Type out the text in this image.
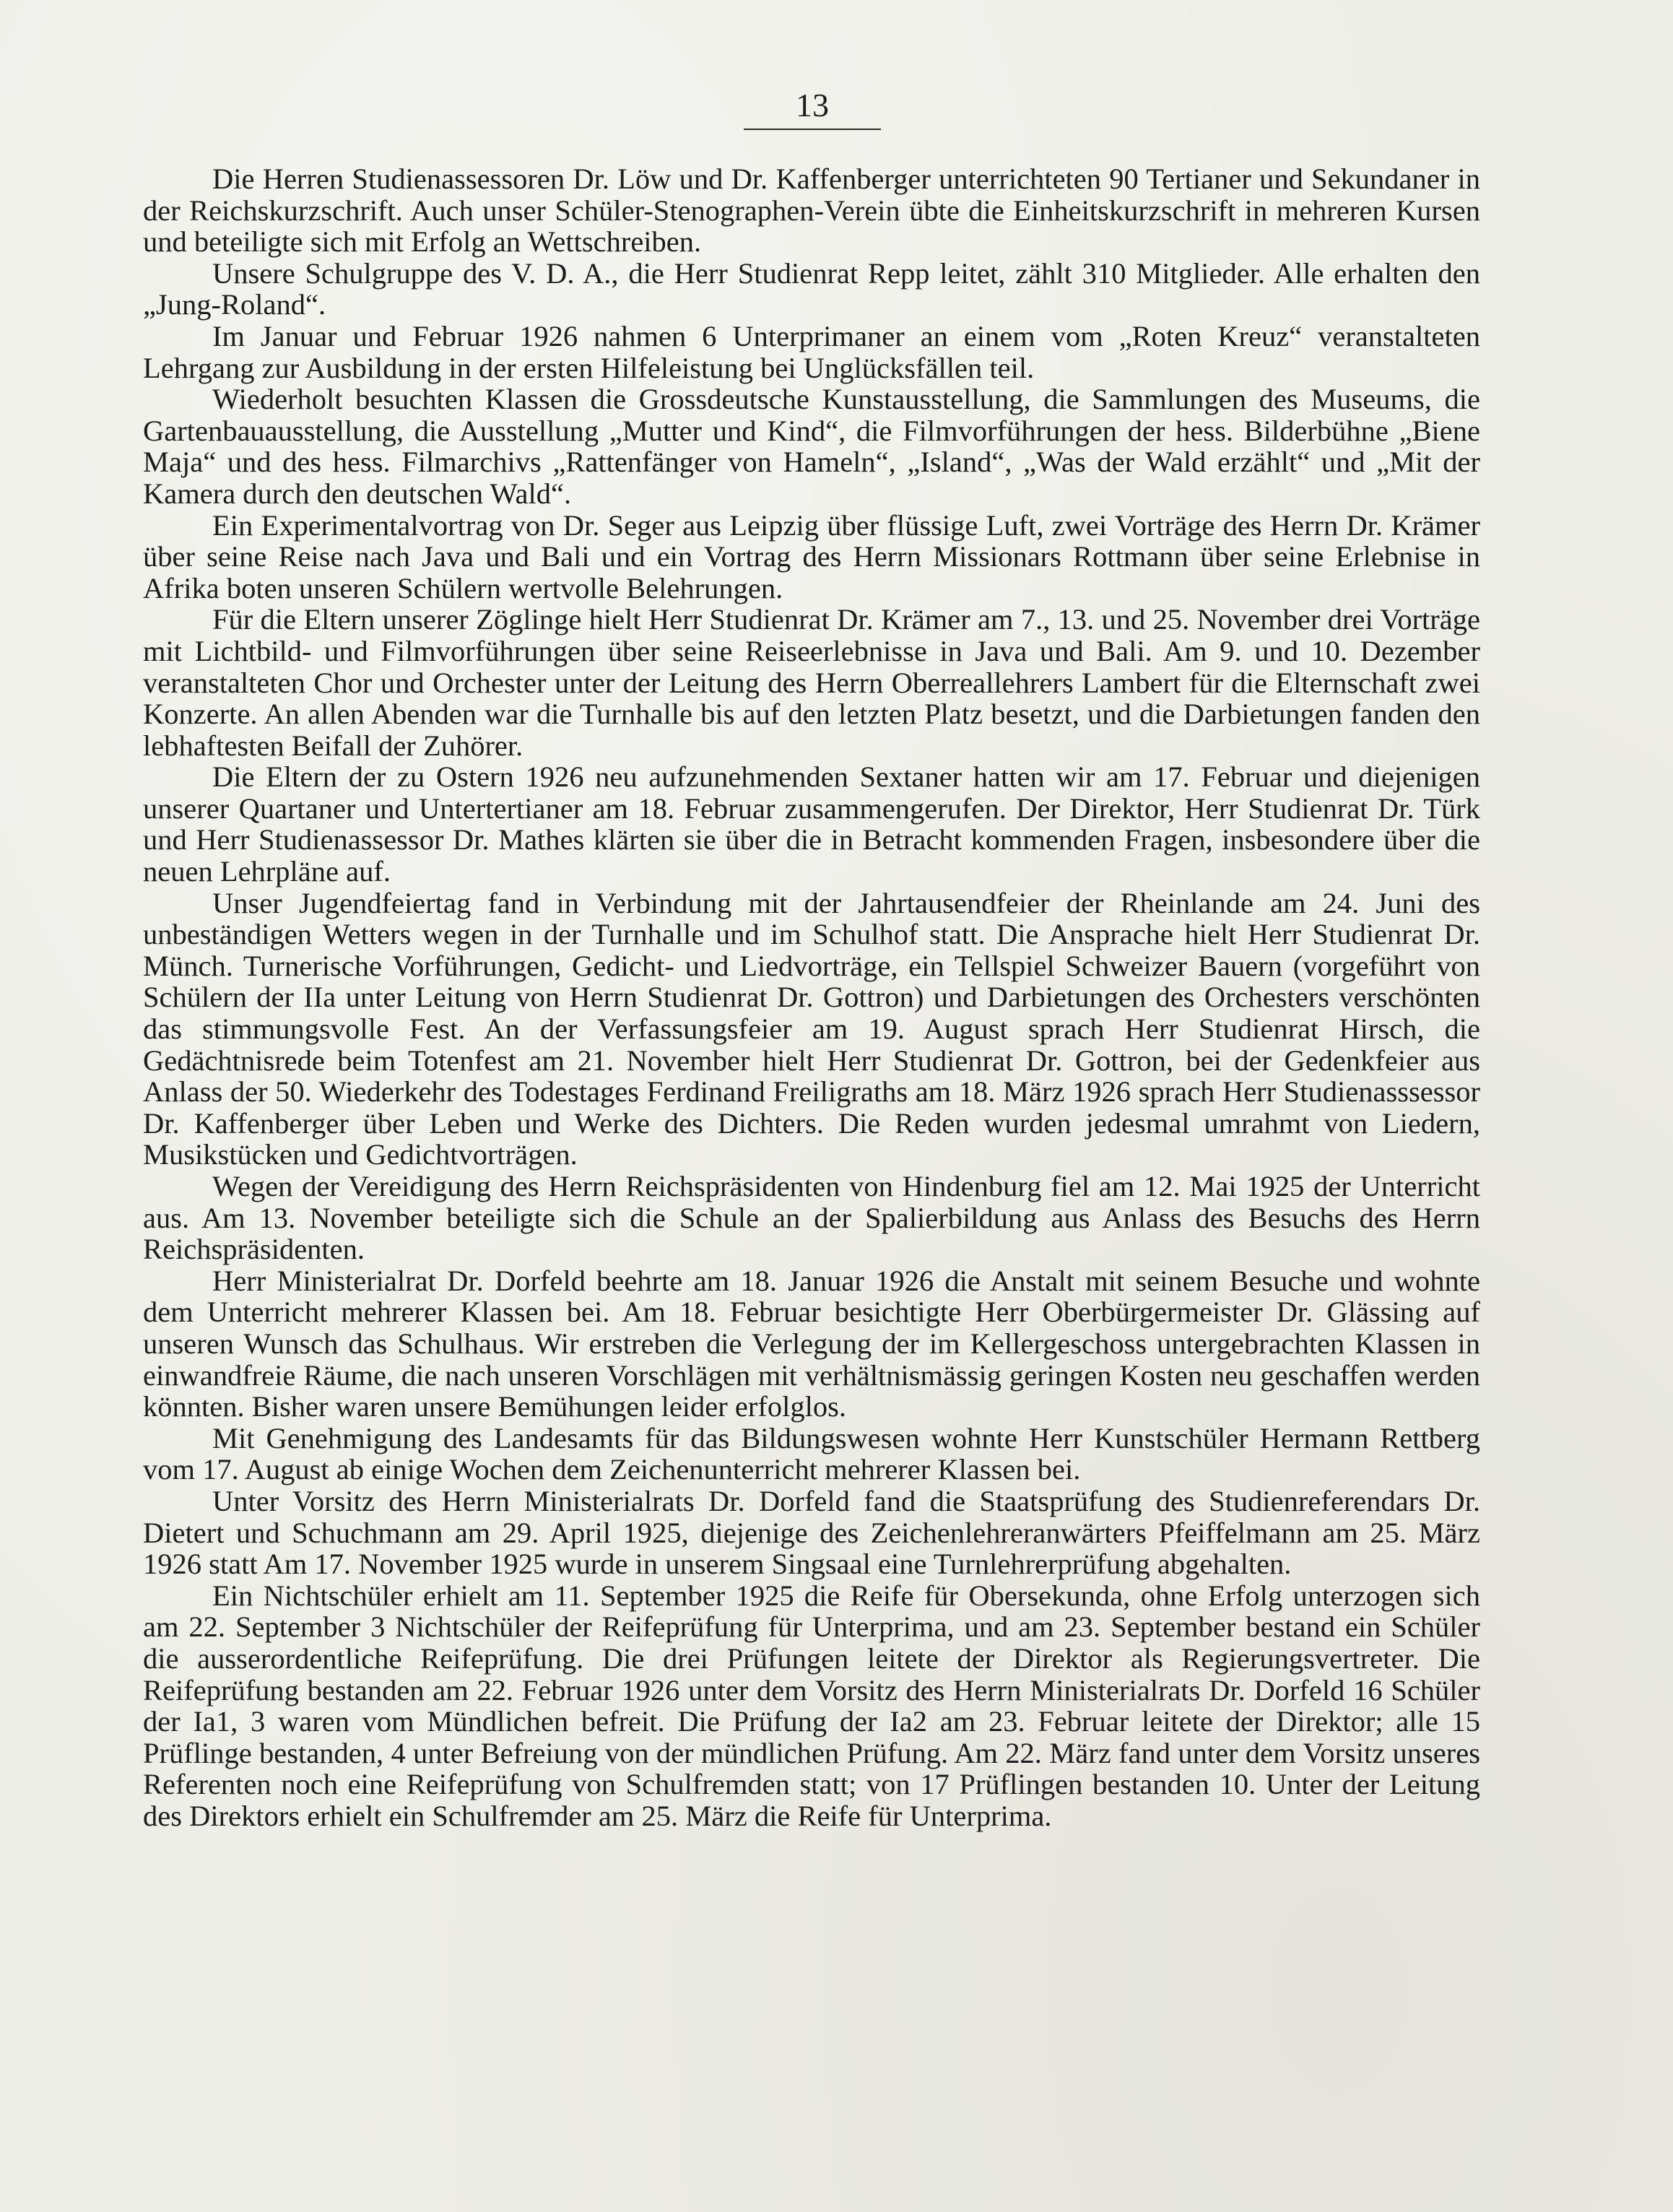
13

Die Herren Studienassessoren Dr. Löw und Dr. Kaffenberger unterrichteten 90 Tertianer und Sekundaner in der Reichskurzschrift. Auch unser Schüler-Stenographen-Verein übte die Einheitskurzschrift in mehreren Kursen und beteiligte sich mit Erfolg an Wettschreiben.

Unsere Schulgruppe des V. D. A., die Herr Studienrat Repp leitet, zählt 310 Mitglieder. Alle erhalten den „Jung-Roland“.

Im Januar und Februar 1926 nahmen 6 Unterprimaner an einem vom „Roten Kreuz“ veranstalteten Lehrgang zur Ausbildung in der ersten Hilfeleistung bei Unglücksfällen teil.

Wiederholt besuchten Klassen die Grossdeutsche Kunstausstellung, die Sammlungen des Museums, die Gartenbauausstellung, die Ausstellung „Mutter und Kind“, die Filmvorführungen der hess. Bilderbühne „Biene Maja“ und des hess. Filmarchivs „Rattenfänger von Hameln“, „Island“, „Was der Wald erzählt“ und „Mit der Kamera durch den deutschen Wald“.

Ein Experimentalvortrag von Dr. Seger aus Leipzig über flüssige Luft, zwei Vorträge des Herrn Dr. Krämer über seine Reise nach Java und Bali und ein Vortrag des Herrn Missionars Rottmann über seine Erlebnise in Afrika boten unseren Schülern wertvolle Belehrungen.

Für die Eltern unserer Zöglinge hielt Herr Studienrat Dr. Krämer am 7., 13. und 25. November drei Vorträge mit Lichtbild- und Filmvorführungen über seine Reiseerlebnisse in Java und Bali. Am 9. und 10. Dezember veranstalteten Chor und Orchester unter der Leitung des Herrn Oberreallehrers Lambert für die Elternschaft zwei Konzerte. An allen Abenden war die Turnhalle bis auf den letzten Platz besetzt, und die Darbietungen fanden den lebhaftesten Beifall der Zuhörer.

Die Eltern der zu Ostern 1926 neu aufzunehmenden Sextaner hatten wir am 17. Februar und diejenigen unserer Quartaner und Untertertianer am 18. Februar zusammengerufen. Der Direktor, Herr Studienrat Dr. Türk und Herr Studienassessor Dr. Mathes klärten sie über die in Betracht kommenden Fragen, insbesondere über die neuen Lehrpläne auf.

Unser Jugendfeiertag fand in Verbindung mit der Jahrtausendfeier der Rheinlande am 24. Juni des unbeständigen Wetters wegen in der Turnhalle und im Schulhof statt. Die Ansprache hielt Herr Studienrat Dr. Münch. Turnerische Vorführungen, Gedicht- und Liedvorträge, ein Tellspiel Schweizer Bauern (vorgeführt von Schülern der IIa unter Leitung von Herrn Studienrat Dr. Gottron) und Darbietungen des Orchesters verschönten das stimmungsvolle Fest. An der Verfassungsfeier am 19. August sprach Herr Studienrat Hirsch, die Gedächtnisrede beim Totenfest am 21. November hielt Herr Studienrat Dr. Gottron, bei der Gedenkfeier aus Anlass der 50. Wiederkehr des Todestages Ferdinand Freiligraths am 18. März 1926 sprach Herr Studienasssessor Dr. Kaffenberger über Leben und Werke des Dichters. Die Reden wurden jedesmal umrahmt von Liedern, Musikstücken und Gedichtvorträgen.

Wegen der Vereidigung des Herrn Reichspräsidenten von Hindenburg fiel am 12. Mai 1925 der Unterricht aus. Am 13. November beteiligte sich die Schule an der Spalierbildung aus Anlass des Besuchs des Herrn Reichspräsidenten.

Herr Ministerialrat Dr. Dorfeld beehrte am 18. Januar 1926 die Anstalt mit seinem Besuche und wohnte dem Unterricht mehrerer Klassen bei. Am 18. Februar besichtigte Herr Oberbürgermeister Dr. Glässing auf unseren Wunsch das Schulhaus. Wir erstreben die Verlegung der im Kellergeschoss untergebrachten Klassen in einwandfreie Räume, die nach unseren Vorschlägen mit verhältnismässig geringen Kosten neu geschaffen werden könnten. Bisher waren unsere Bemühungen leider erfolglos.

Mit Genehmigung des Landesamts für das Bildungswesen wohnte Herr Kunstschüler Hermann Rettberg vom 17. August ab einige Wochen dem Zeichenunterricht mehrerer Klassen bei.

Unter Vorsitz des Herrn Ministerialrats Dr. Dorfeld fand die Staatsprüfung des Studienreferendars Dr. Dietert und Schuchmann am 29. April 1925, diejenige des Zeichenlehreranwärters Pfeiffelmann am 25. März 1926 statt Am 17. November 1925 wurde in unserem Singsaal eine Turnlehrerprüfung abgehalten.

Ein Nichtschüler erhielt am 11. September 1925 die Reife für Obersekunda, ohne Erfolg unterzogen sich am 22. September 3 Nichtschüler der Reifeprüfung für Unterprima, und am 23. September bestand ein Schüler die ausserordentliche Reifeprüfung. Die drei Prüfungen leitete der Direktor als Regierungsvertreter. Die Reifeprüfung bestanden am 22. Februar 1926 unter dem Vorsitz des Herrn Ministerialrats Dr. Dorfeld 16 Schüler der Ia1, 3 waren vom Mündlichen befreit. Die Prüfung der Ia2 am 23. Februar leitete der Direktor; alle 15 Prüflinge bestanden, 4 unter Befreiung von der mündlichen Prüfung. Am 22. März fand unter dem Vorsitz unseres Referenten noch eine Reifeprüfung von Schulfremden statt; von 17 Prüflingen bestanden 10. Unter der Leitung des Direktors erhielt ein Schulfremder am 25. März die Reife für Unterprima.
